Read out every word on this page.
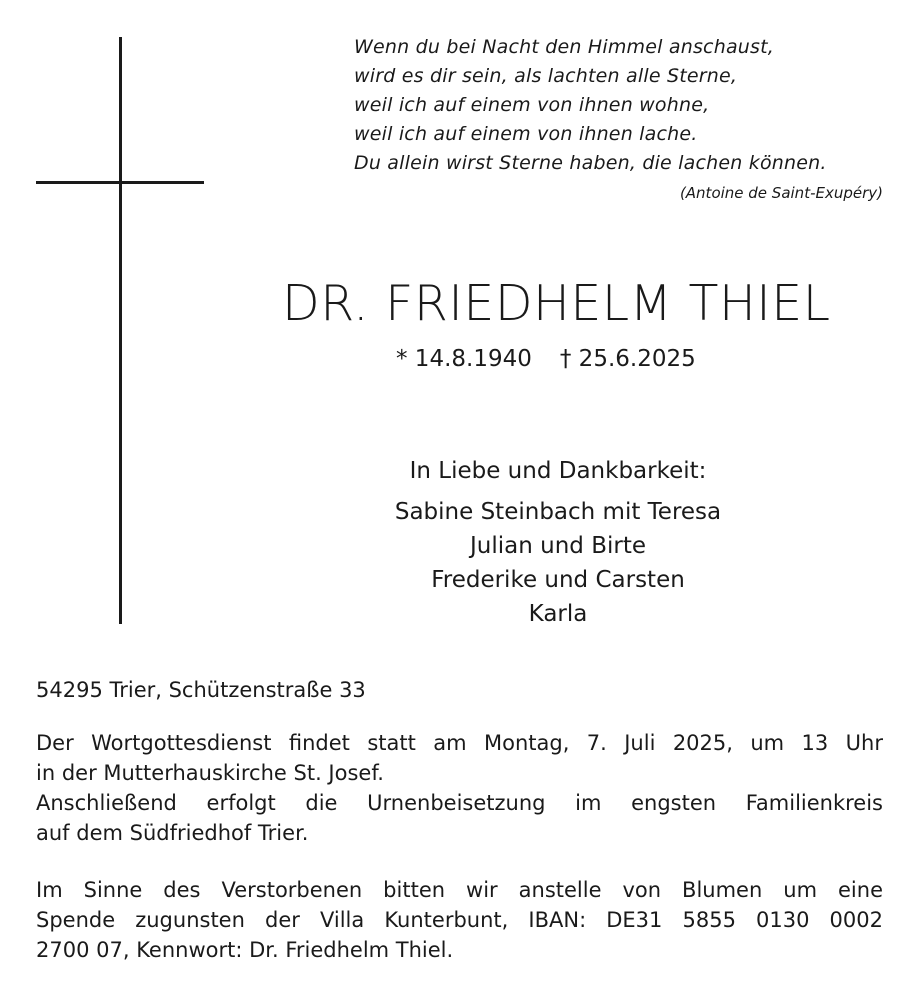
Wenn du bei Nacht den Himmel anschaust,
wird es dir sein, als lachten alle Sterne,
weil ich auf einem von ihnen wohne,
weil ich auf einem von ihnen lache.
Du allein wirst Sterne haben, die lachen können.
(Antoine de Saint-Exupéry)
DR. FRIEDHELM THIEL
* 14.8.1940 † 25.6.2025
In Liebe und Dankbarkeit:
Sabine Steinbach mit Teresa
Julian und Birte
Frederike und Carsten
Karla
54295 Trier, Schützenstraße 33
Der Wortgottesdienst findet statt am Montag, 7. Juli 2025, um 13 Uhr
in der Mutterhauskirche St. Josef.
Anschließend erfolgt die Urnenbeisetzung im engsten Familienkreis
auf dem Südfriedhof Trier.
Im Sinne des Verstorbenen bitten wir anstelle von Blumen um eine
Spende zugunsten der Villa Kunterbunt, IBAN: DE31 5855 0130 0002
2700 07, Kennwort: Dr. Friedhelm Thiel.
